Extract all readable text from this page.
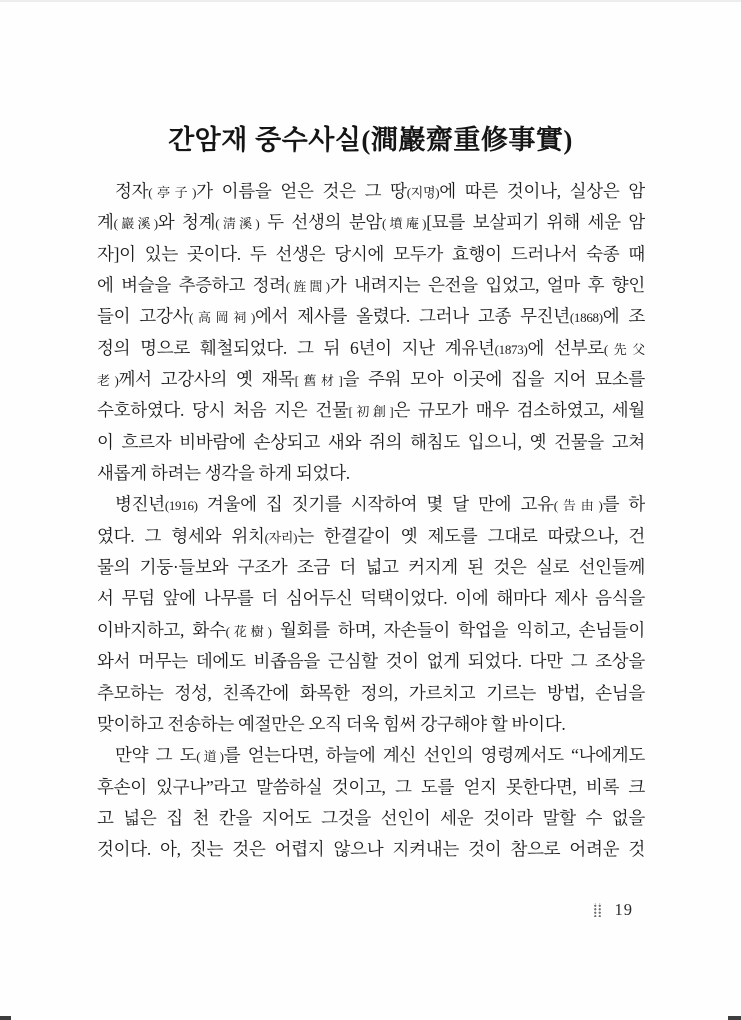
간암재 중수사실(澗巖齋重修事實)
정자(亭子)가 이름을 얻은 것은 그 땅(지명)에 따른 것이나, 실상은 암
계(巖溪)와 청계(淸溪) 두 선생의 분암(墳庵)[묘를 보살피기 위해 세운 암
자]이 있는 곳이다. 두 선생은 당시에 모두가 효행이 드러나서 숙종 때
에 벼슬을 추증하고 정려(旌閭)가 내려지는 은전을 입었고, 얼마 후 향인
들이 고강사(高岡祠)에서 제사를 올렸다. 그러나 고종 무진년(1868)에 조
정의 명으로 훼철되었다. 그 뒤 6년이 지난 계유년(1873)에 선부로(先父
老)께서 고강사의 옛 재목[舊材]을 주워 모아 이곳에 집을 지어 묘소를
수호하였다. 당시 처음 지은 건물[初創]은 규모가 매우 검소하였고, 세월
이 흐르자 비바람에 손상되고 새와 쥐의 해침도 입으니, 옛 건물을 고쳐
새롭게 하려는 생각을 하게 되었다.
병진년(1916) 겨울에 집 짓기를 시작하여 몇 달 만에 고유(告由)를 하
였다. 그 형세와 위치(자리)는 한결같이 옛 제도를 그대로 따랐으나, 건
물의 기둥·들보와 구조가 조금 더 넓고 커지게 된 것은 실로 선인들께
서 무덤 앞에 나무를 더 심어두신 덕택이었다. 이에 해마다 제사 음식을
이바지하고, 화수(花樹) 월회를 하며, 자손들이 학업을 익히고, 손님들이
와서 머무는 데에도 비좁음을 근심할 것이 없게 되었다. 다만 그 조상을
추모하는 정성, 친족간에 화목한 정의, 가르치고 기르는 방법, 손님을
맞이하고 전송하는 예절만은 오직 더욱 힘써 강구해야 할 바이다.
만약 그 도(道)를 얻는다면, 하늘에 계신 선인의 영령께서도 “나에게도
후손이 있구나”라고 말씀하실 것이고, 그 도를 얻지 못한다면, 비록 크
고 넓은 집 천 칸을 지어도 그것을 선인이 세운 것이라 말할 수 없을
것이다. 아, 짓는 것은 어렵지 않으나 지켜내는 것이 참으로 어려운 것
19
